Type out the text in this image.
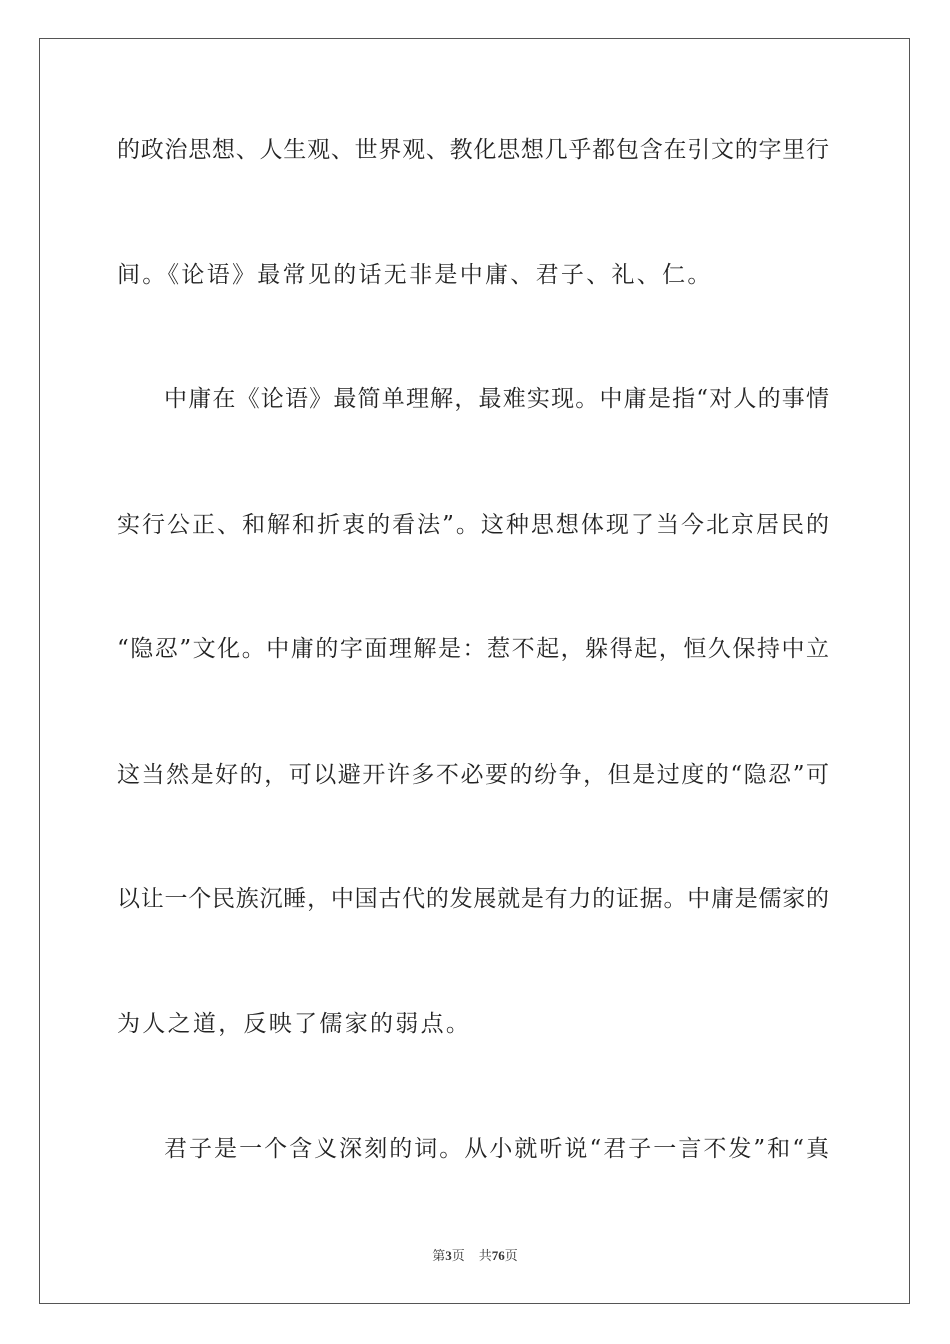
的政治思想、人生观、世界观、教化思想几乎都包含在引文的字里行
间。《论语》最常见的话无非是中庸、君子、礼、仁。
中庸在《论语》最简单理解，最难实现。中庸是指“对人的事情
实行公正、和解和折衷的看法”。这种思想体现了当今北京居民的
“隐忍”文化。中庸的字面理解是：惹不起，躲得起，恒久保持中立
这当然是好的，可以避开许多不必要的纷争，但是过度的“隐忍”可
以让一个民族沉睡，中国古代的发展就是有力的证据。中庸是儒家的
为人之道，反映了儒家的弱点。
君子是一个含义深刻的词。从小就听说“君子一言不发”和“真
第3页 共76页
